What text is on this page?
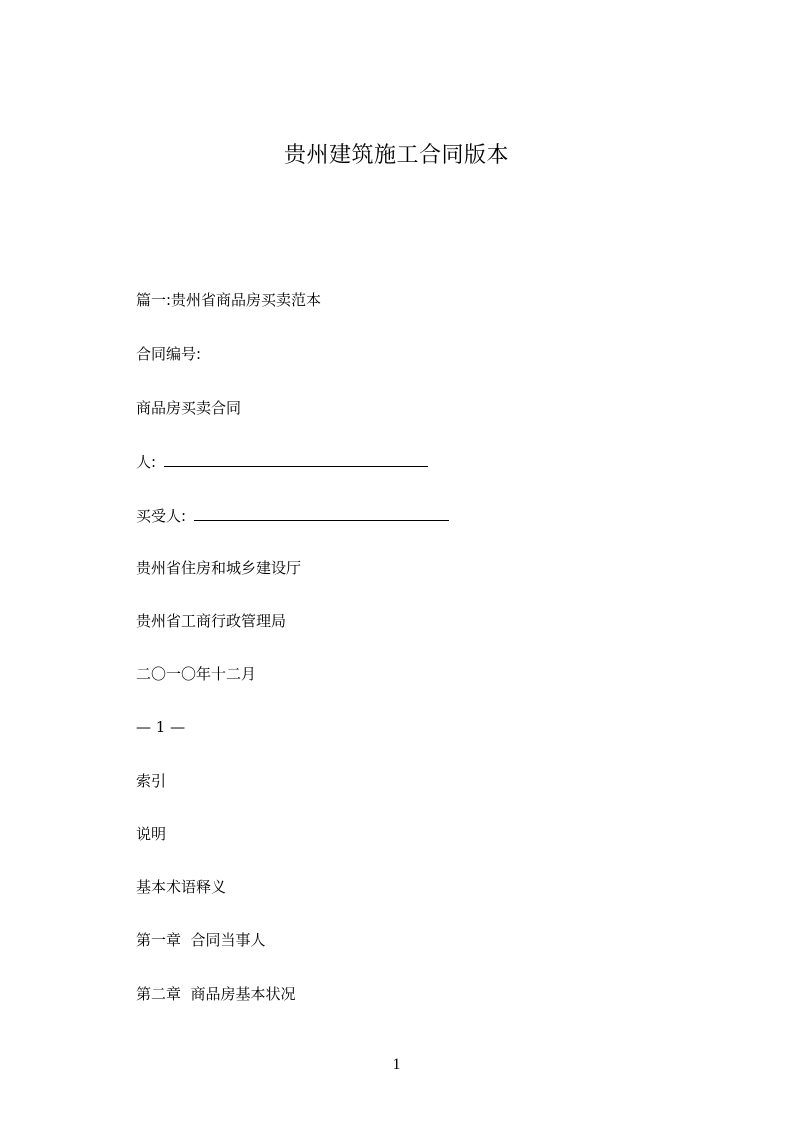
贵州建筑施工合同版本
篇一:贵州省商品房买卖范本
合同编号:
商品房买卖合同
人:
买受人:
贵州省住房和城乡建设厅
贵州省工商行政管理局
二〇一〇年十二月
— 1 —
索引
说明
基本术语释义
第一章  合同当事人
第二章  商品房基本状况
1
